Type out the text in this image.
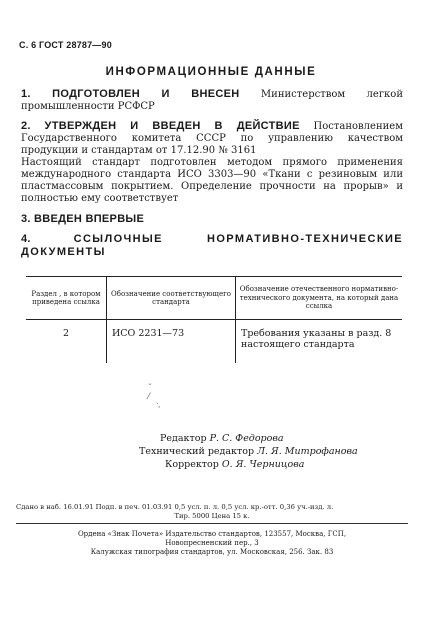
С. 6 ГОСТ 28787—90
ИНФОРМАЦИОННЫЕ ДАННЫЕ

1. ПОДГОТОВЛЕН И ВНЕСЕН Министерством легкой промышленности РСФСР

2. УТВЕРЖДЕН И ВВЕДЕН В ДЕЙСТВИЕ Постановлением Государственного комитета СССР по управлению качеством продукции и стандартам от 17.12.90 № 3161

Настоящий стандарт подготовлен методом прямого применения международного стандарта ИСО 3303—90 «Ткани с резиновым или пластмассовым покрытием. Определение прочности на прорыв» и полностью ему соответствует

3. ВВЕДЕН ВПЕРВЫЕ

4.	ССЫЛОЧНЫЕ НОРМАТИВНО-ТЕХНИЧЕСКИЕ ДОКУМЕНТЫ

Раздел , в котором приведена ссылка	Обозначение соответствующего стандарта	Обозначение отечественного нормативно-технического документа, на который дана ссылка
2	ИСО 2231—73	Требования указаны в разд. 8 настоящего стандарта
˘ ⁄ ˏ
·
Редактор Р. С. Федорова
Технический редактор Л. Я. Митрофанова
Корректор О. Я. Черницова
Сдано в наб. 16.01.91 Подп. в печ. 01.03.91 0,5 усл. п. л. 0,5 усл. кр.-отт. 0,36 уч.-изд. л.
Тир. 5000 Цена 15 к.
Ордена «Знак Почета» Издательство стандартов, 123557, Москва, ГСП,
Новопресненский пер., 3
Калужская типография стандартов, ул. Московская, 256. Зак. 83
